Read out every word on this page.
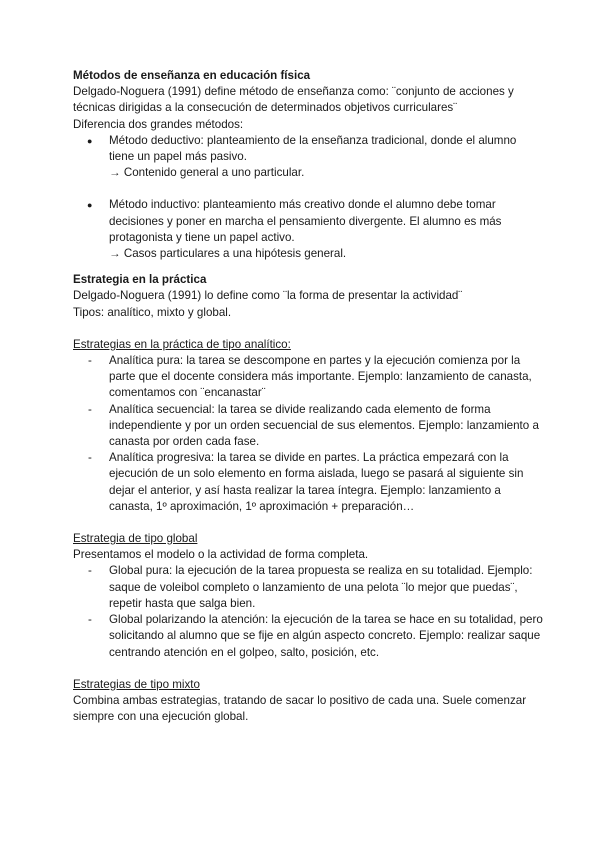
Métodos de enseñanza en educación física

Delgado-Noguera (1991) define método de enseñanza como: ¨conjunto de acciones y técnicas dirigidas a la consecución de determinados objetivos curriculares¨

Diferencia dos grandes métodos:

● Método deductivo: planteamiento de la enseñanza tradicional, donde el alumno tiene un papel más pasivo.
→ Contenido general a uno particular.
● Método inductivo: planteamiento más creativo donde el alumno debe tomar decisiones y poner en marcha el pensamiento divergente. El alumno es más protagonista y tiene un papel activo.
→ Casos particulares a una hipótesis general.

Estrategia en la práctica

Delgado-Noguera (1991) lo define como ¨la forma de presentar la actividad¨

Tipos: analítico, mixto y global.

Estrategias en la práctica de tipo analítico:

- Analítica pura: la tarea se descompone en partes y la ejecución comienza por la parte que el docente considera más importante. Ejemplo: lanzamiento de canasta, comentamos con ¨encanastar¨
- Analítica secuencial: la tarea se divide realizando cada elemento de forma independiente y por un orden secuencial de sus elementos. Ejemplo: lanzamiento a canasta por orden cada fase.
- Analítica progresiva: la tarea se divide en partes. La práctica empezará con la ejecución de un solo elemento en forma aislada, luego se pasará al siguiente sin dejar el anterior, y así hasta realizar la tarea íntegra. Ejemplo: lanzamiento a canasta, 1º aproximación, 1º aproximación + preparación…

Estrategia de tipo global

Presentamos el modelo o la actividad de forma completa.

- Global pura: la ejecución de la tarea propuesta se realiza en su totalidad. Ejemplo: saque de voleibol completo o lanzamiento de una pelota ¨lo mejor que puedas¨, repetir hasta que salga bien.
- Global polarizando la atención: la ejecución de la tarea se hace en su totalidad, pero solicitando al alumno que se fije en algún aspecto concreto. Ejemplo: realizar saque centrando atención en el golpeo, salto, posición, etc.

Estrategias de tipo mixto

Combina ambas estrategias, tratando de sacar lo positivo de cada una. Suele comenzar siempre con una ejecución global.
